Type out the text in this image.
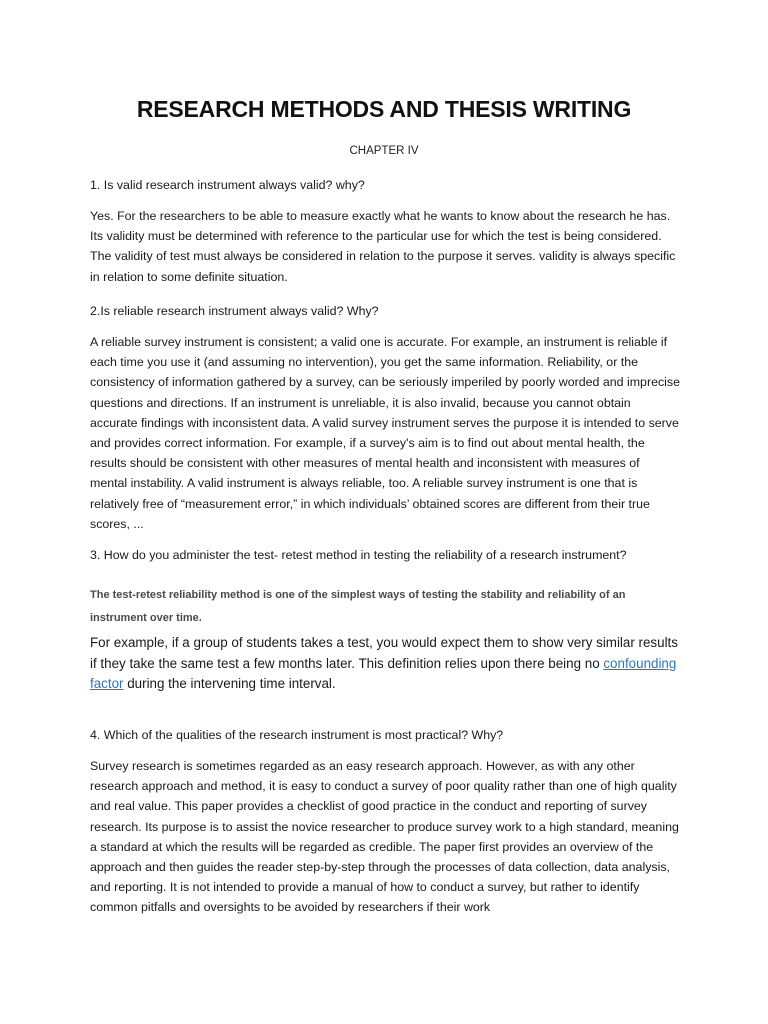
RESEARCH METHODS AND THESIS WRITING
CHAPTER IV
1. Is valid research instrument always valid? why?
Yes. For the researchers to be able to measure exactly what he wants to know about the research he has. Its validity must be determined with reference to the particular use for which the test is being considered. The validity of test must always be considered in relation to the purpose it serves. validity is always specific in relation to some definite situation.
2.Is reliable research instrument always valid? Why?
A reliable survey instrument is consistent; a valid one is accurate. For example, an instrument is reliable if each time you use it (and assuming no intervention), you get the same information. Reliability, or the consistency of information gathered by a survey, can be seriously imperiled by poorly worded and imprecise questions and directions. If an instrument is unreliable, it is also invalid, because you cannot obtain accurate findings with inconsistent data. A valid survey instrument serves the purpose it is intended to serve and provides correct information. For example, if a survey's aim is to find out about mental health, the results should be consistent with other measures of mental health and inconsistent with measures of mental instability. A valid instrument is always reliable, too. A reliable survey instrument is one that is relatively free of “measurement error,” in which individuals’ obtained scores are different from their true scores, ...
3. How do you administer the test- retest method in testing the reliability of a research instrument?
The test-retest reliability method is one of the simplest ways of testing the stability and reliability of an instrument over time.
For example, if a group of students takes a test, you would expect them to show very similar results if they take the same test a few months later. This definition relies upon there being no confounding factor during the intervening time interval.
4. Which of the qualities of the research instrument is most practical? Why?
Survey research is sometimes regarded as an easy research approach. However, as with any other research approach and method, it is easy to conduct a survey of poor quality rather than one of high quality and real value. This paper provides a checklist of good practice in the conduct and reporting of survey research. Its purpose is to assist the novice researcher to produce survey work to a high standard, meaning a standard at which the results will be regarded as credible. The paper first provides an overview of the approach and then guides the reader step-by-step through the processes of data collection, data analysis, and reporting. It is not intended to provide a manual of how to conduct a survey, but rather to identify common pitfalls and oversights to be avoided by researchers if their work
